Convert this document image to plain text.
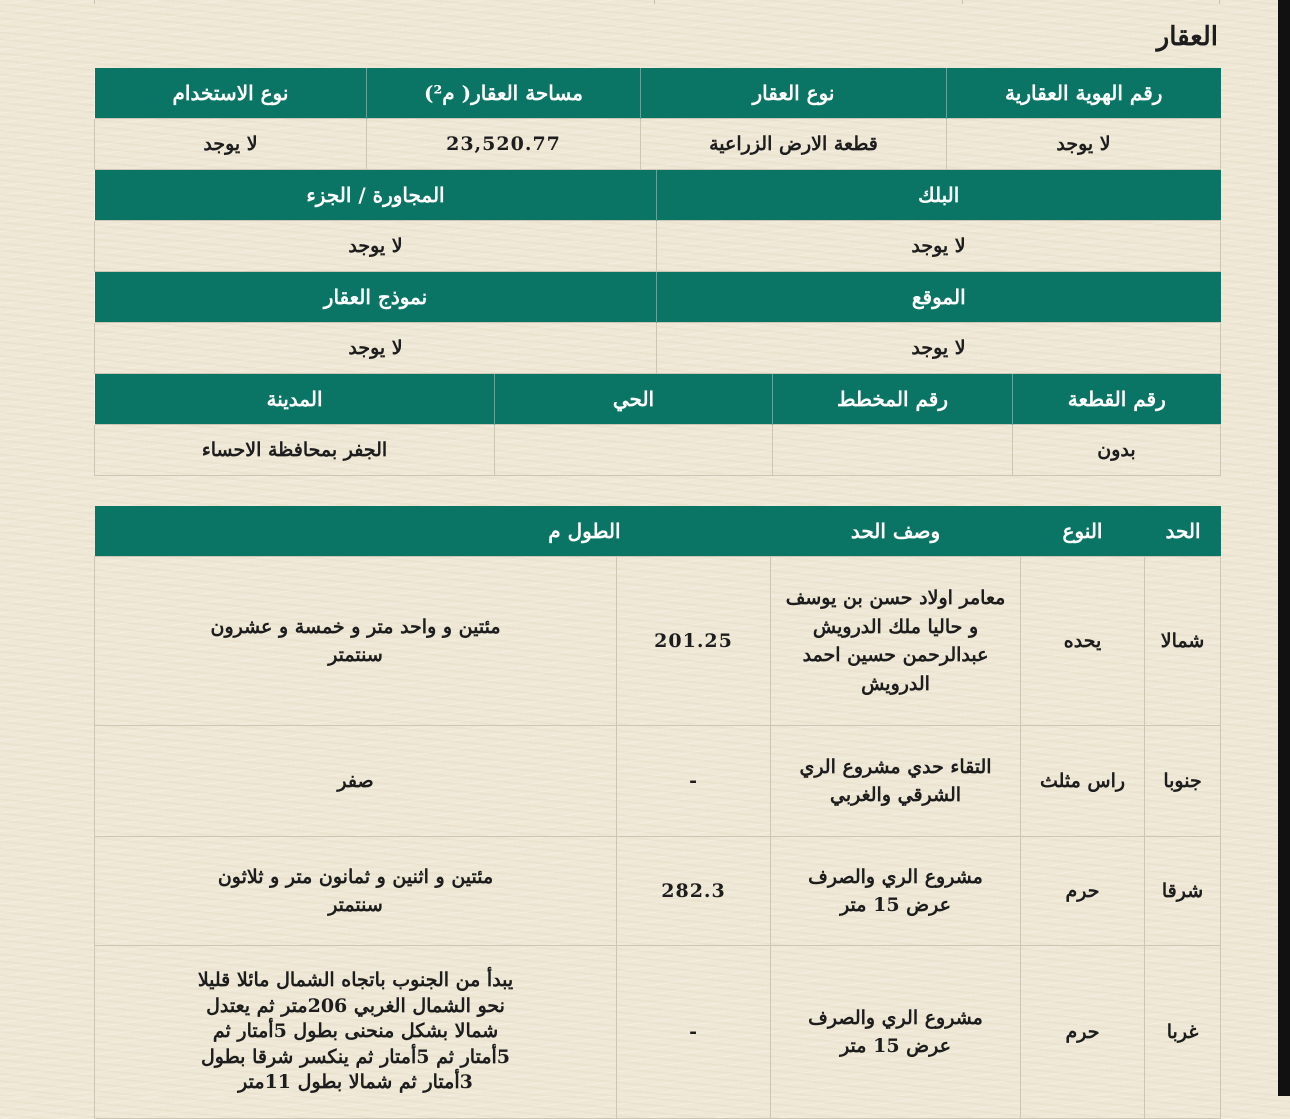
العقار
رقم الهوية العقارية	نوع العقار	مساحة العقار( م²)	نوع الاستخدام
لا يوجد	قطعة الارض الزراعية	23,520.77	لا يوجد
البلك	المجاورة / الجزء
لا يوجد	لا يوجد
الموقع	نموذج العقار
لا يوجد	لا يوجد
رقم القطعة	رقم المخطط	الحي	المدينة
بدون			الجفر بمحافظة الاحساء
الحد	النوع	وصف الحد	الطول م	
شمالا	يحده	معامر اولاد حسن بن يوسف و حاليا ملك الدرويش عبدالرحمن حسين احمد الدرويش	201.25	مئتين و واحد متر و خمسة و عشرون سنتمتر
جنوبا	راس مثلث	التقاء حدي مشروع الري الشرقي والغربي	-	صفر
شرقا	حرم	مشروع الري والصرف عرض 15 متر	282.3	مئتين و اثنين و ثمانون متر و ثلاثون سنتمتر
غربا	حرم	مشروع الري والصرف عرض 15 متر	-	يبدأ من الجنوب باتجاه الشمال مائلا قليلا نحو الشمال الغربي 206متر ثم يعتدل شمالا بشكل منحنى بطول 5أمتار ثم 5أمتار ثم 5أمتار ثم ينكسر شرقا بطول 3أمتار ثم شمالا بطول 11متر
